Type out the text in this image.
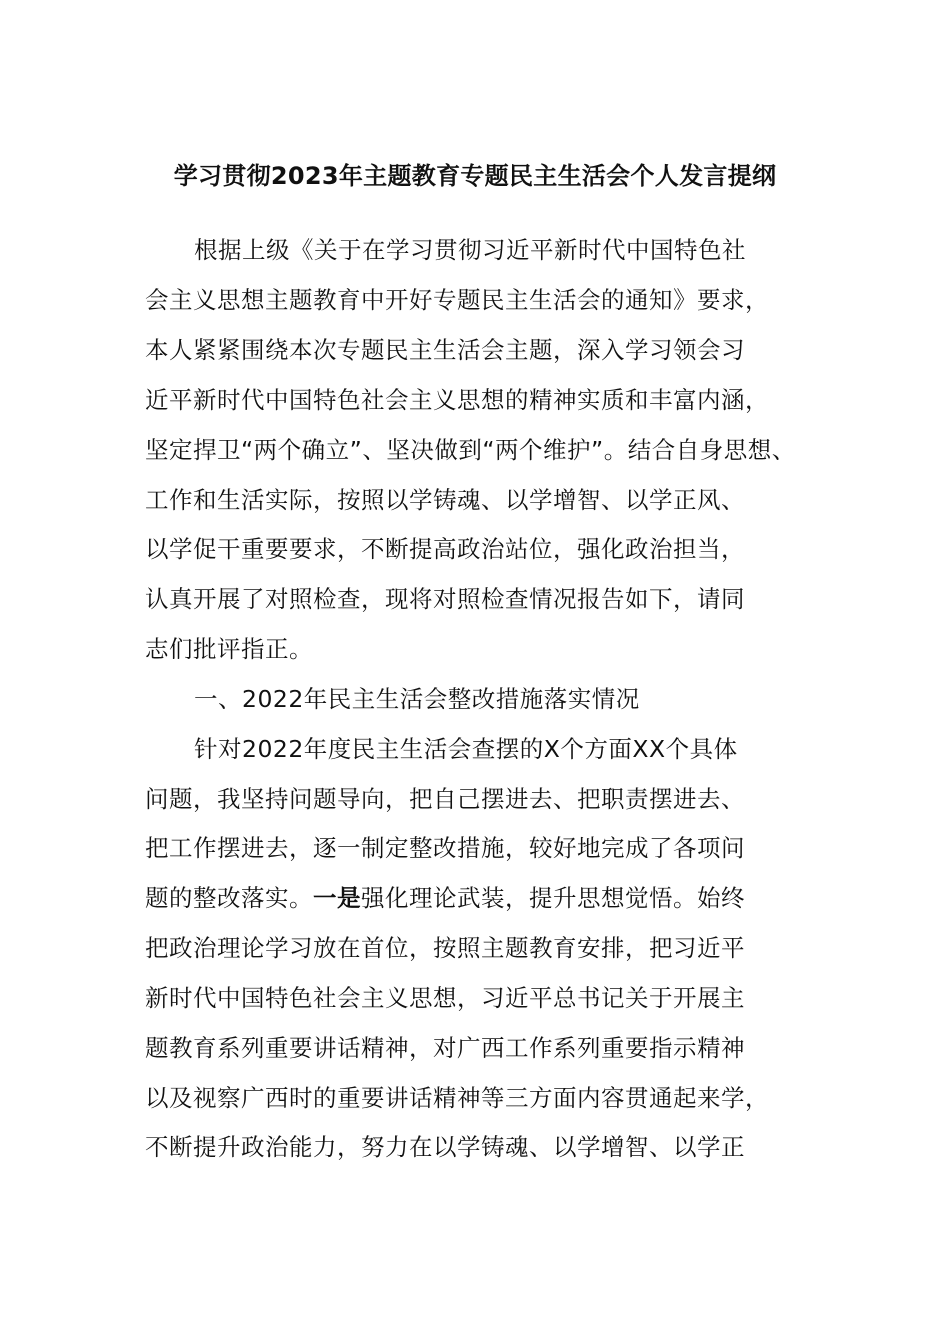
学习贯彻2023年主题教育专题民主生活会个人发言提纲
根据上级《关于在学习贯彻习近平新时代中国特色社
会主义思想主题教育中开好专题民主生活会的通知》要求，
本人紧紧围绕本次专题民主生活会主题，深入学习领会习
近平新时代中国特色社会主义思想的精神实质和丰富内涵，
坚定捍卫“两个确立”、坚决做到“两个维护”。结合自身思想、
工作和生活实际，按照以学铸魂、以学增智、以学正风、
以学促干重要要求，不断提高政治站位，强化政治担当，
认真开展了对照检查，现将对照检查情况报告如下，请同
志们批评指正。
一、2022年民主生活会整改措施落实情况
针对2022年度民主生活会查摆的X个方面XX个具体
问题，我坚持问题导向，把自己摆进去、把职责摆进去、
把工作摆进去，逐一制定整改措施，较好地完成了各项问
题的整改落实。一是强化理论武装，提升思想觉悟。始终
把政治理论学习放在首位，按照主题教育安排，把习近平
新时代中国特色社会主义思想，习近平总书记关于开展主
题教育系列重要讲话精神，对广西工作系列重要指示精神
以及视察广西时的重要讲话精神等三方面内容贯通起来学，
不断提升政治能力，努力在以学铸魂、以学增智、以学正
